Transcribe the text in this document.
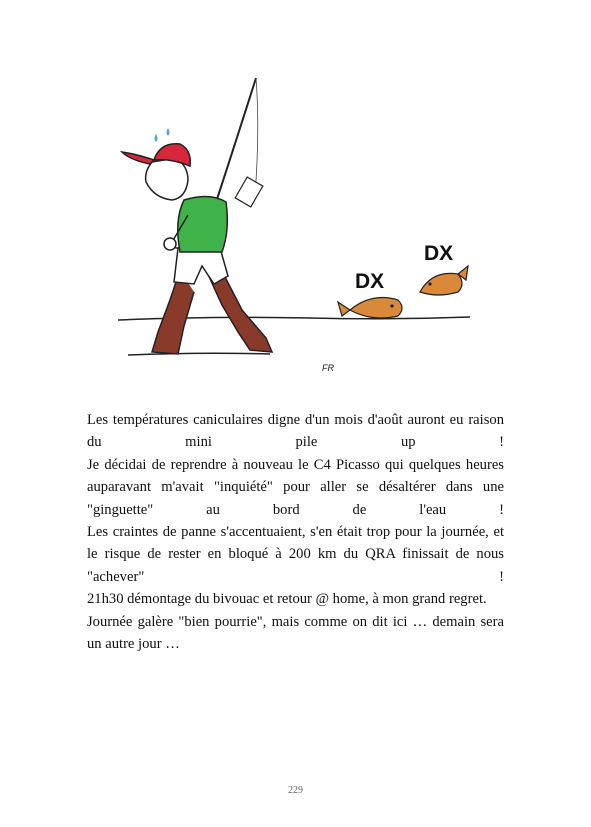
DX
DX
FR
Les températures caniculaires digne d'un mois d'août auront eu raison du mini pile up !
Je décidai de reprendre à nouveau le C4 Picasso qui quelques heures auparavant m'avait "inquiété" pour aller se désaltérer dans une "ginguette" au bord de l'eau !
Les craintes de panne s'accentuaient, s'en était trop pour la journée, et le risque de rester en bloqué à 200 km du QRA finissait de nous "achever" !
21h30 démontage du bivouac et retour @ home, à mon grand regret.
Journée galère "bien pourrie", mais comme on dit ici … demain sera un autre jour …
229
